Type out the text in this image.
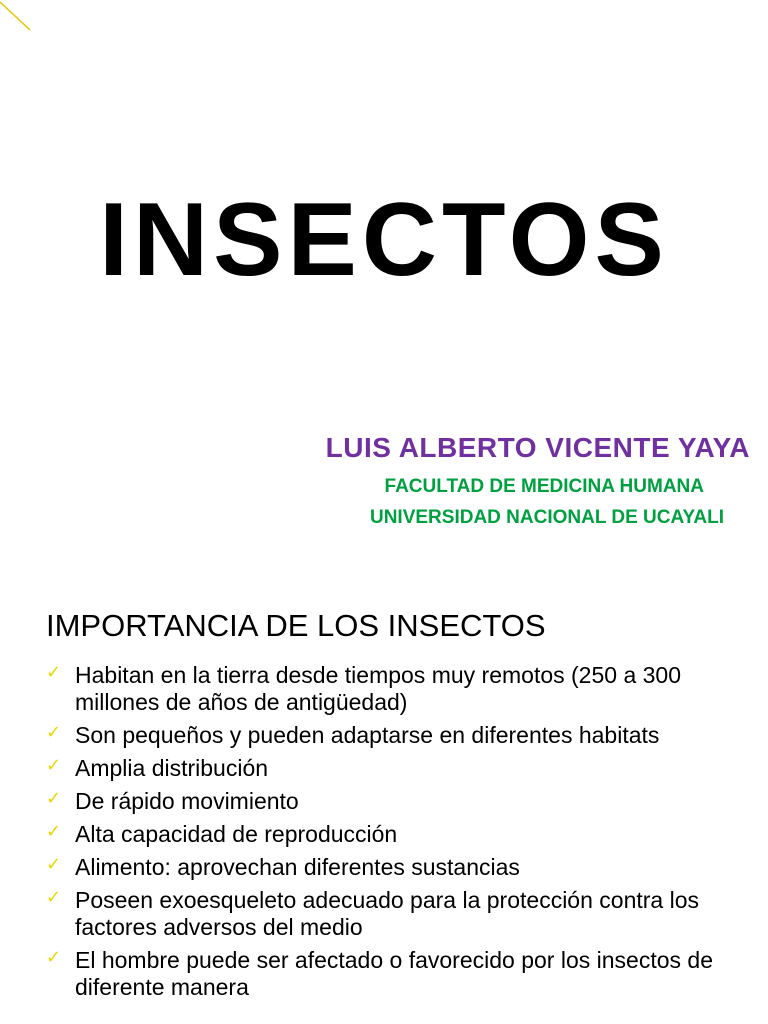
INSECTOS
LUIS ALBERTO VICENTE YAYA
FACULTAD DE MEDICINA HUMANA
UNIVERSIDAD NACIONAL DE UCAYALI
IMPORTANCIA DE LOS INSECTOS
✓ Habitan en la tierra desde tiempos muy remotos (250 a 300 millones de años de antigüedad)
✓ Son pequeños y pueden adaptarse en diferentes habitats
✓ Amplia distribución
✓ De rápido movimiento
✓ Alta capacidad de reproducción
✓ Alimento: aprovechan diferentes sustancias
✓ Poseen exoesqueleto adecuado para la protección contra los factores adversos del medio
✓ El hombre puede ser afectado o favorecido por los insectos de diferente manera
